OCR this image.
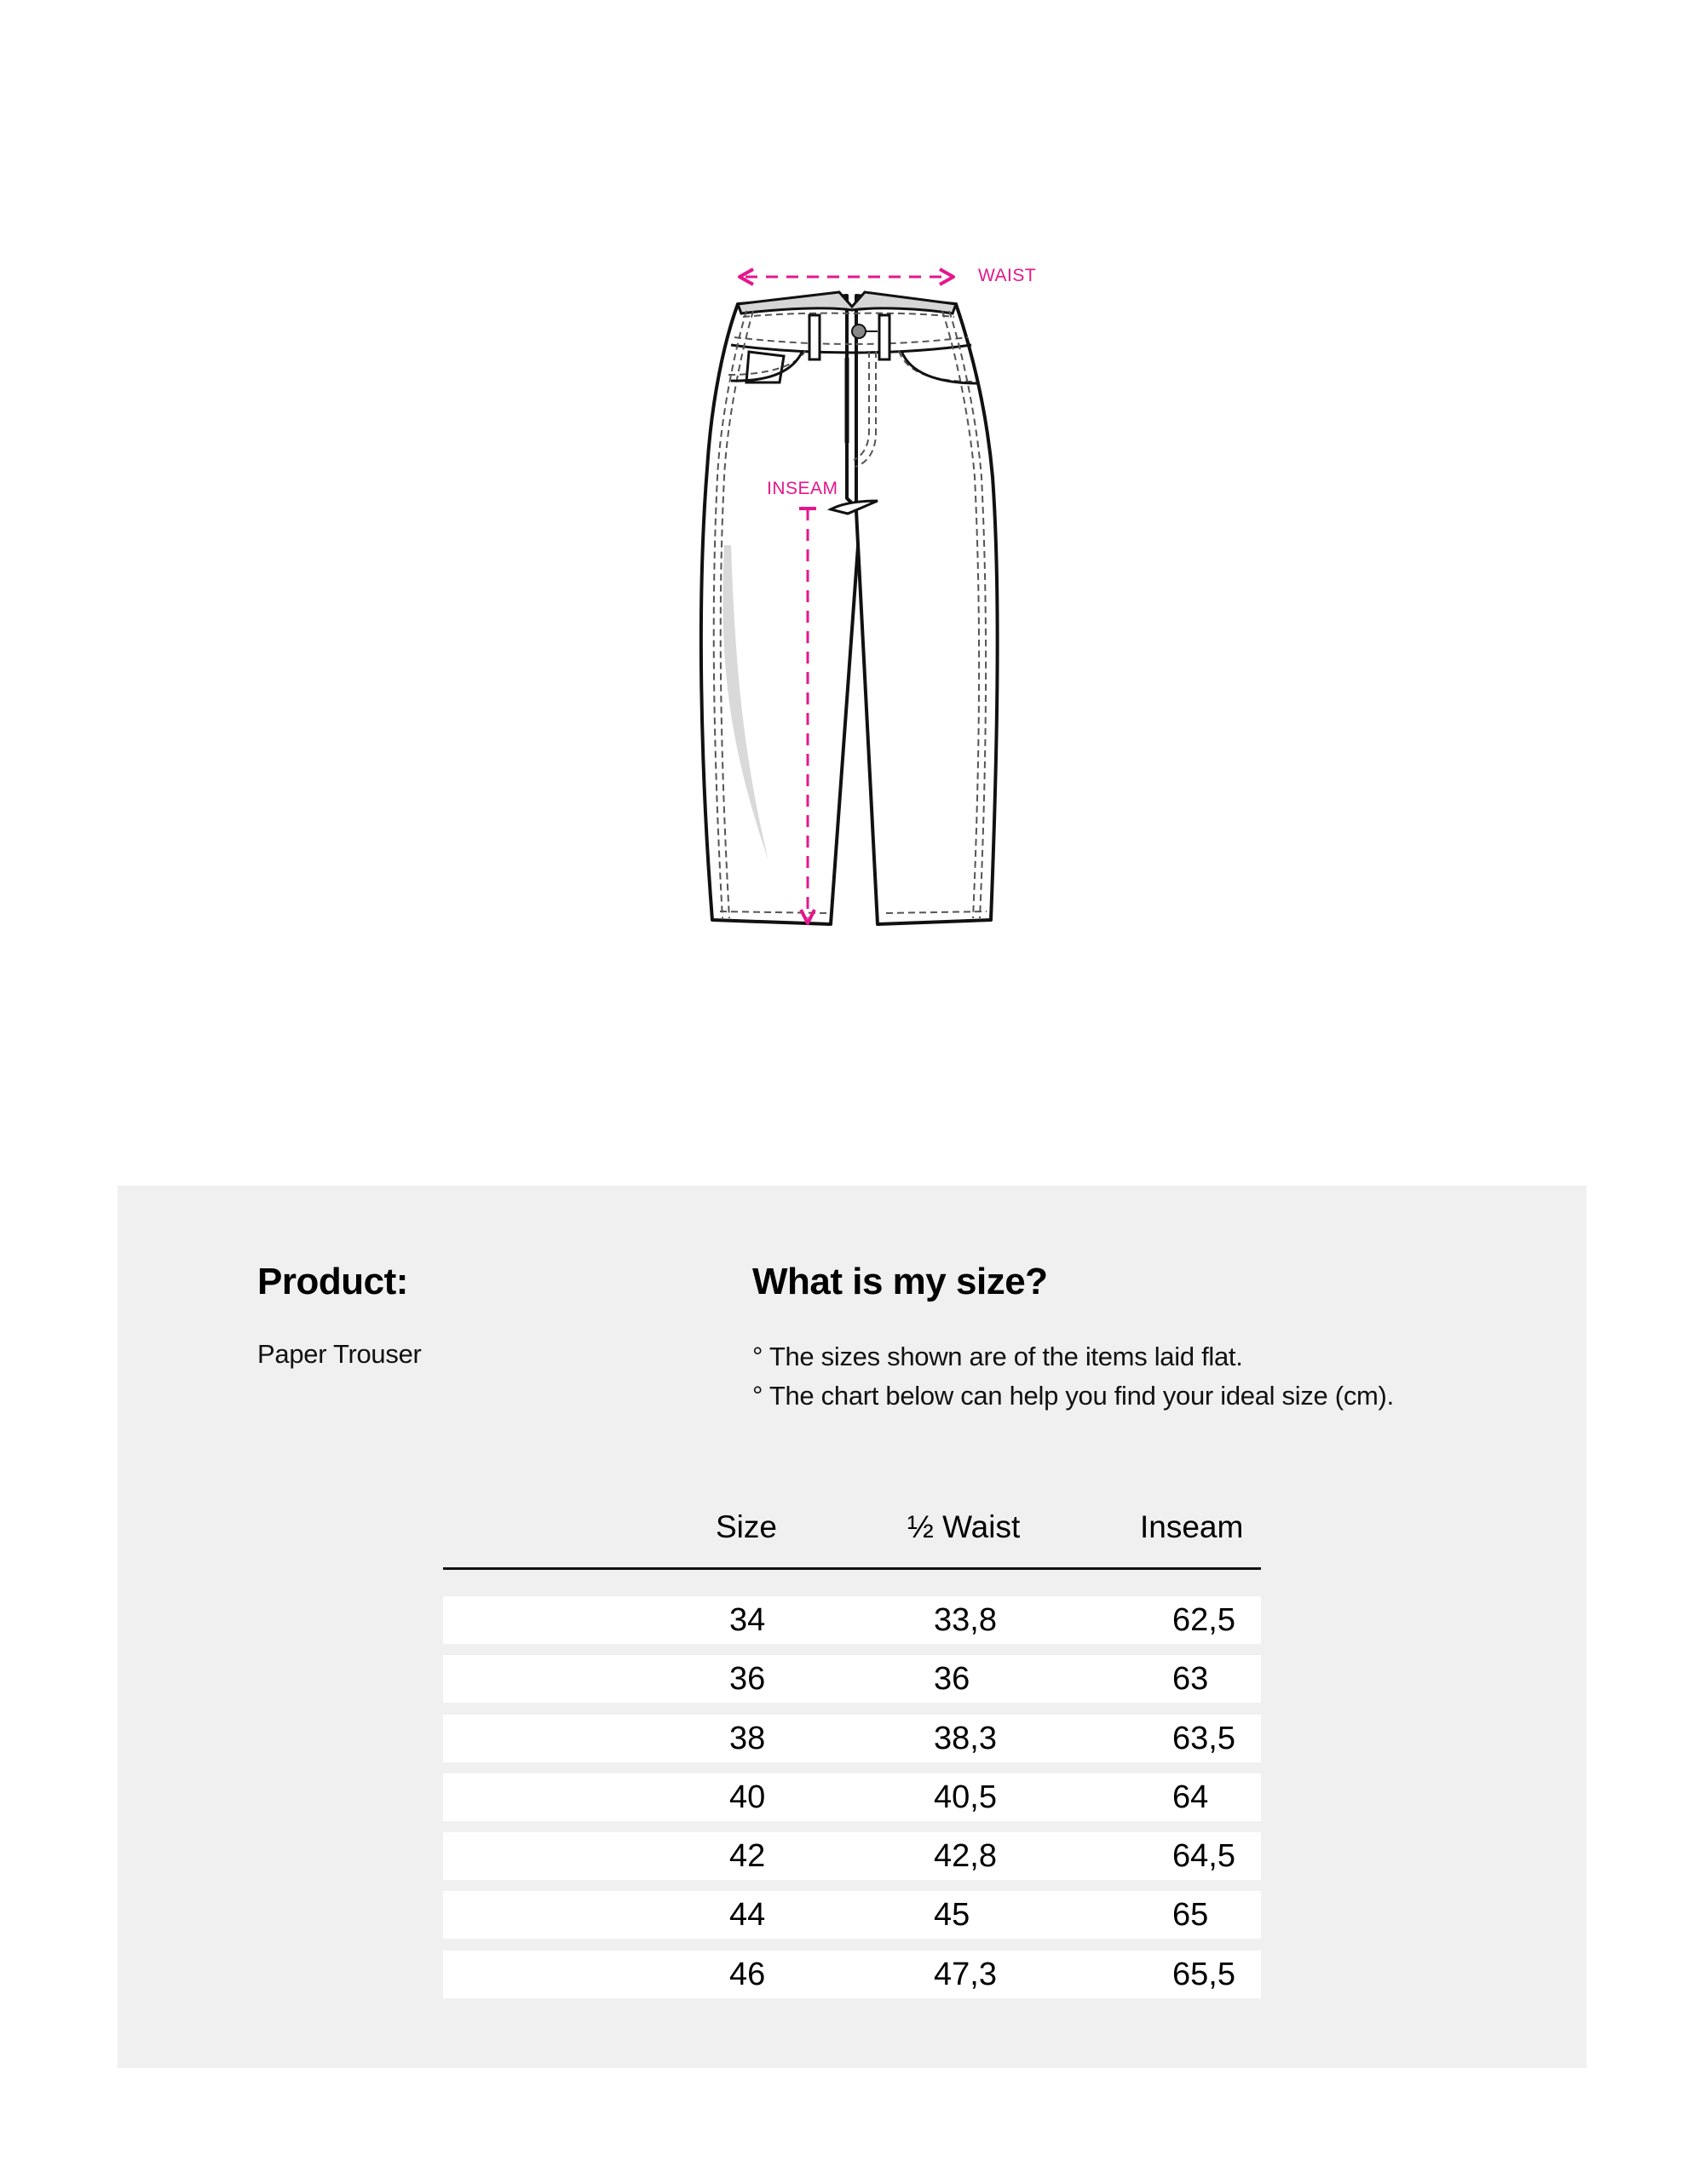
WAIST
INSEAM
Product:
Paper Trouser
What is my size?
° The sizes shown are of the items laid flat.
° The chart below can help you find your ideal size (cm).
Size	½ Waist	Inseam
34	33,8	62,5
36	36	63
38	38,3	63,5
40	40,5	64
42	42,8	64,5
44	45	65
46	47,3	65,5
